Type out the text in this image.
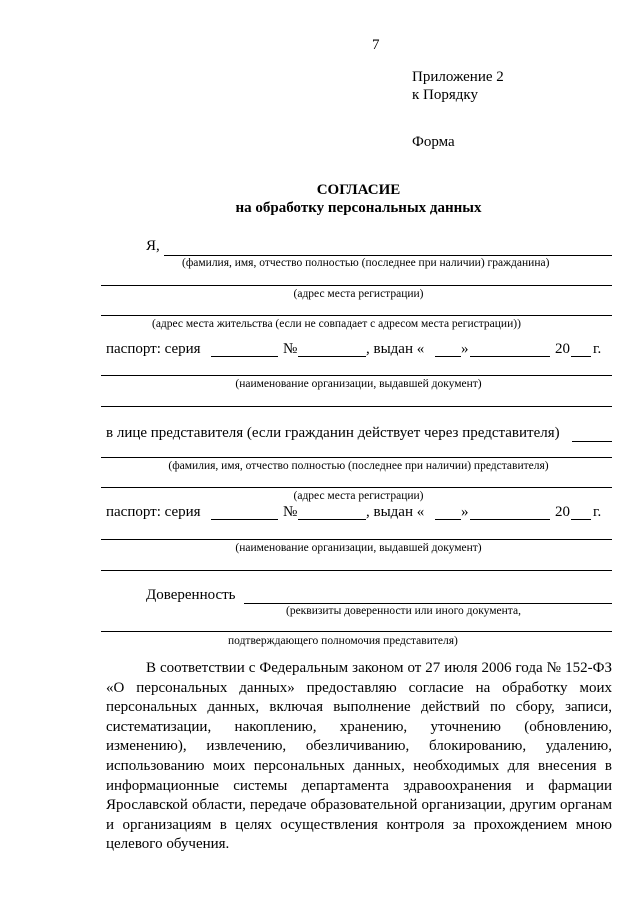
7
Приложение 2
к Порядку
Форма
СОГЛАСИЕ
на обработку персональных данных
Я,
(фамилия, имя, отчество полностью (последнее при наличии) гражданина)
(адрес места регистрации)
(адрес места жительства (если не совпадает с адресом места регистрации))
паспорт: серия	№	, выдан « »	20 г.
(наименование организации, выдавшей документ)
в лице представителя (если гражданин действует через представителя)
(фамилия, имя, отчество полностью (последнее при наличии) представителя)
(адрес места регистрации)
паспорт: серия	№	, выдан « »	20 г.
(наименование организации, выдавшей документ)
Доверенность
(реквизиты доверенности или иного документа,
подтверждающего полномочия представителя)
В соответствии с Федеральным законом от 27 июля 2006 года № 152-ФЗ «О персональных данных» предоставляю согласие на обработку моих персональных данных, включая выполнение действий по сбору, записи, систематизации, накоплению, хранению, уточнению (обновлению, изменению), извлечению, обезличиванию, блокированию, удалению, использованию моих персональных данных, необходимых для внесения в информационные системы департамента здравоохранения и фармации Ярославской области, передаче образовательной организации, другим органам и организациям в целях осуществления контроля за прохождением мною целевого обучения.
